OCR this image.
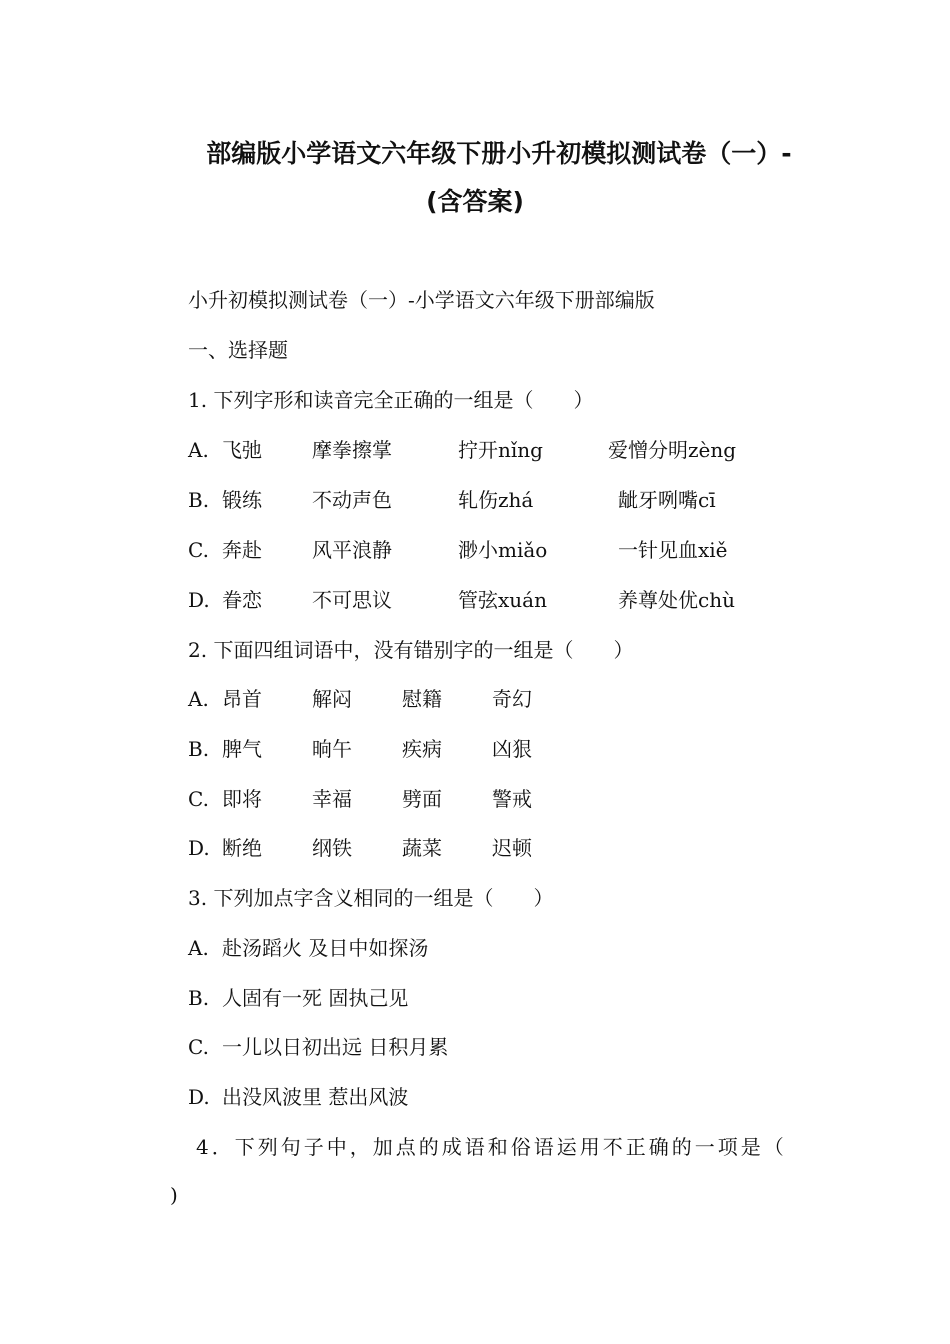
部编版小学语文六年级下册小升初模拟测试卷（一）-
(含答案)
小升初模拟测试卷（一）-小学语文六年级下册部编版
一、选择题
1. 下列字形和读音完全正确的一组是（　　）
A. 飞弛	摩拳擦掌	拧开nǐng	爱憎分明zèng
B. 锻练	不动声色	轧伤zhá	龇牙咧嘴cī
C. 奔赴	风平浪静	渺小miǎo	一针见血xiě
D. 眷恋	不可思议	管弦xuán	养尊处优chù
2. 下面四组词语中，没有错别字的一组是（　　）
A. 昂首	解闷	慰籍	奇幻
B. 脾气	晌午	疾病	凶狠
C. 即将	幸福	劈面	警戒
D. 断绝	纲铁	蔬菜	迟顿
3. 下列加点字含义相同的一组是（　　）
A. 赴汤蹈火 及日中如探汤
B. 人固有一死 固执己见
C. 一儿以日初出远 日积月累
D. 出没风波里 惹出风波
4．下列句子中，加点的成语和俗语运用不正确的一项是（
)
